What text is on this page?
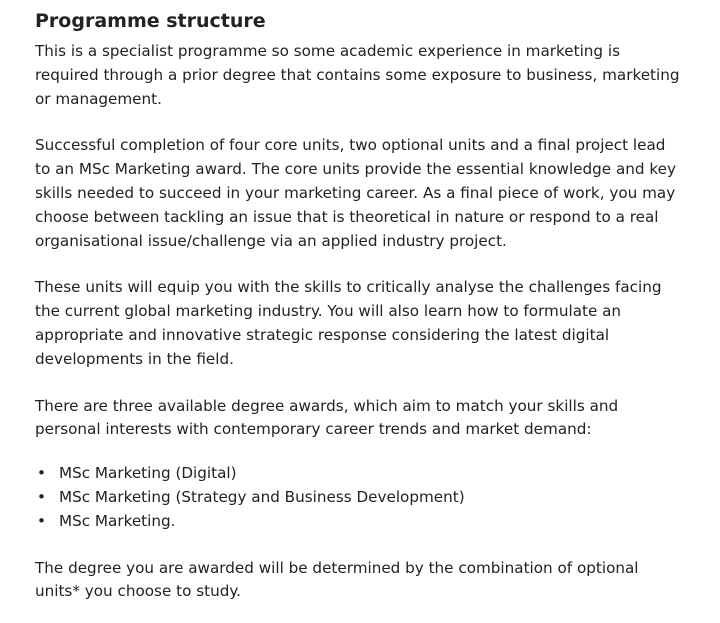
Programme structure

This is a specialist programme so some academic experience in marketing is required through a prior degree that contains some exposure to business, marketing or management.

Successful completion of four core units, two optional units and a final project lead to an MSc Marketing award. The core units provide the essential knowledge and key skills needed to succeed in your marketing career. As a final piece of work, you may choose between tackling an issue that is theoretical in nature or respond to a real organisational issue/challenge via an applied industry project.

These units will equip you with the skills to critically analyse the challenges facing the current global marketing industry. You will also learn how to formulate an appropriate and innovative strategic response considering the latest digital developments in the field.

There are three available degree awards, which aim to match your skills and personal interests with contemporary career trends and market demand:

• MSc Marketing (Digital)
• MSc Marketing (Strategy and Business Development)
• MSc Marketing.

The degree you are awarded will be determined by the combination of optional units* you choose to study.
